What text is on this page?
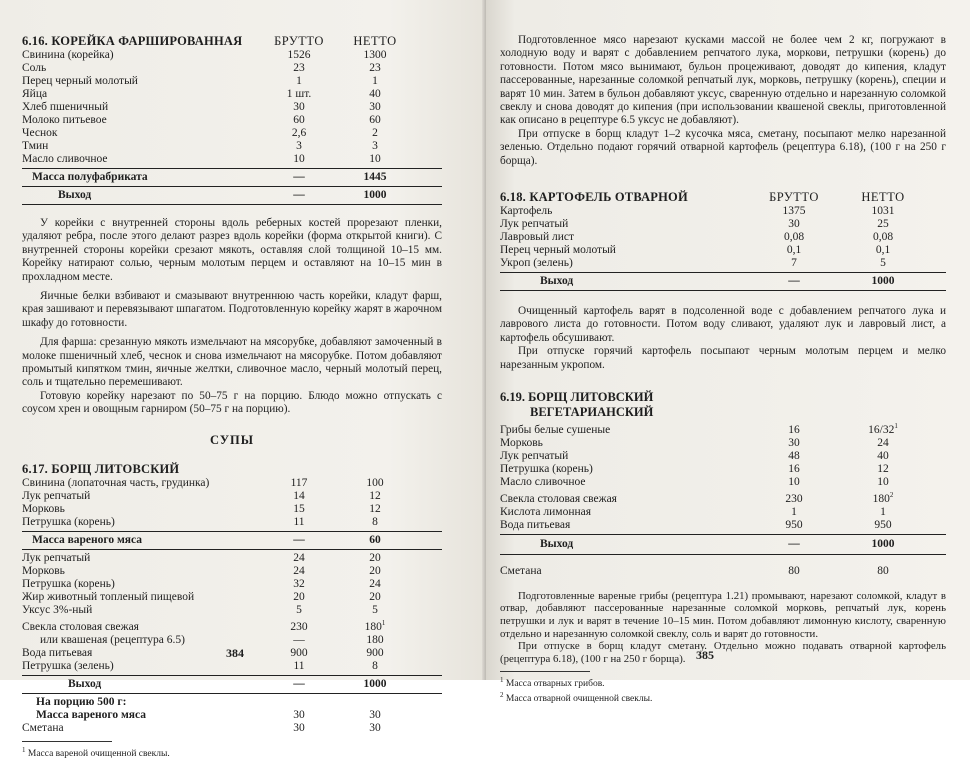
6.16. КОРЕЙКА ФАРШИРОВАННАЯ	БРУТТО	НЕТТО
Свинина (корейка)	1526	1300
Соль	23	23
Перец черный молотый	1	1
Яйца	1 шт.	40
Хлеб пшеничный	30	30
Молоко питьевое	60	60
Чеснок	2,6	2
Тмин	3	3
Масло сливочное	10	10
Масса полуфабриката	—	1445
Выход	—	1000

У корейки с внутренней стороны вдоль реберных костей прорезают пленки, удаляют ребра, после этого делают разрез вдоль корейки (форма открытой книги). С внутренней стороны корейки срезают мякоть, оставляя слой толщиной 10–15 мм. Корейку натирают солью, черным молотым перцем и оставляют на 10–15 мин в прохладном месте.

Яичные белки взбивают и смазывают внутреннюю часть корейки, кладут фарш, края зашивают и перевязывают шпагатом. Подготовленную корейку жарят в жарочном шкафу до готовности.

Для фарша: срезанную мякоть измельчают на мясорубке, добавляют замоченный в молоке пшеничный хлеб, чеснок и снова измельчают на мясорубке. Потом добавляют промытый кипятком тмин, яичные желтки, сливочное масло, черный молотый перец, соль и тщательно перемешивают.

Готовую корейку нарезают по 50–75 г на порцию. Блюдо можно отпускать с соусом хрен и овощным гарниром (50–75 г на порцию).

СУПЫ
6.17. БОРЩ ЛИТОВСКИЙ
Свинина (лопаточная часть, грудинка)	117	100
Лук репчатый	14	12
Морковь	15	12
Петрушка (корень)	11	8
Масса вареного мяса	—	60
Лук репчатый	24	20
Морковь	24	20
Петрушка (корень)	32	24
Жир животный топленый пищевой	20	20
Уксус 3%-ный	5	5
Свекла столовая свежая	230	$180^1$
или квашеная (рецептура 6.5)	—	180
Вода питьевая	900	900
Петрушка (зелень)	11	8
Выход	—	1000
На порцию 500 г:
Масса вареного мяса	30	30
Сметана	30	30
$^1$ Масса вареной очищенной свеклы.
384

Подготовленное мясо нарезают кусками массой не более чем 2 кг, погружают в холодную воду и варят с добавлением репчатого лука, моркови, петрушки (корень) до готовности. Потом мясо вынимают, бульон процеживают, доводят до кипения, кладут пассерованные, нарезанные соломкой репчатый лук, морковь, петрушку (корень), специи и варят 10 мин. Затем в бульон добавляют уксус, сваренную отдельно и нарезанную соломкой свеклу и снова доводят до кипения (при использовании квашеной свеклы, приготовленной как описано в рецептуре 6.5 уксус не добавляют).

При отпуске в борщ кладут 1–2 кусочка мяса, сметану, посыпают мелко нарезанной зеленью. Отдельно подают горячий отварной картофель (рецептура 6.18), (100 г на 250 г борща).

6.18. КАРТОФЕЛЬ ОТВАРНОЙ	БРУТТО	НЕТТО
Картофель	1375	1031
Лук репчатый	30	25
Лавровый лист	0,08	0,08
Перец черный молотый	0,1	0,1
Укроп (зелень)	7	5
Выход	—	1000

Очищенный картофель варят в подсоленной воде с добавлением репчатого лука и лаврового листа до готовности. Потом воду сливают, удаляют лук и лавровый лист, а картофель обсушивают.

При отпуске горячий картофель посыпают черным молотым перцем и мелко нарезанным укропом.

6.19. БОРЩ ЛИТОВСКИЙ
ВЕГЕТАРИАНСКИЙ
Грибы белые сушеные	16	$16/32^1$
Морковь	30	24
Лук репчатый	48	40
Петрушка (корень)	16	12
Масло сливочное	10	10
Свекла столовая свежая	230	$180^2$
Кислота лимонная	1	1
Вода питьевая	950	950
Выход	—	1000
Сметана	80	80

Подготовленные вареные грибы (рецептура 1.21) промывают, нарезают соломкой, кладут в отвар, добавляют пассерованные нарезанные соломкой морковь, репчатый лук, корень петрушки и лук и варят в течение 10–15 мин. Потом добавляют лимонную кислоту, сваренную отдельно и нарезанную соломкой свеклу, соль и варят до готовности.

При отпуске в борщ кладут сметану. Отдельно можно подавать отварной картофель (рецептура 6.18), (100 г на 250 г борща).

$^1$ Масса отварных грибов.
$^2$ Масса отварной очищенной свеклы.
385
